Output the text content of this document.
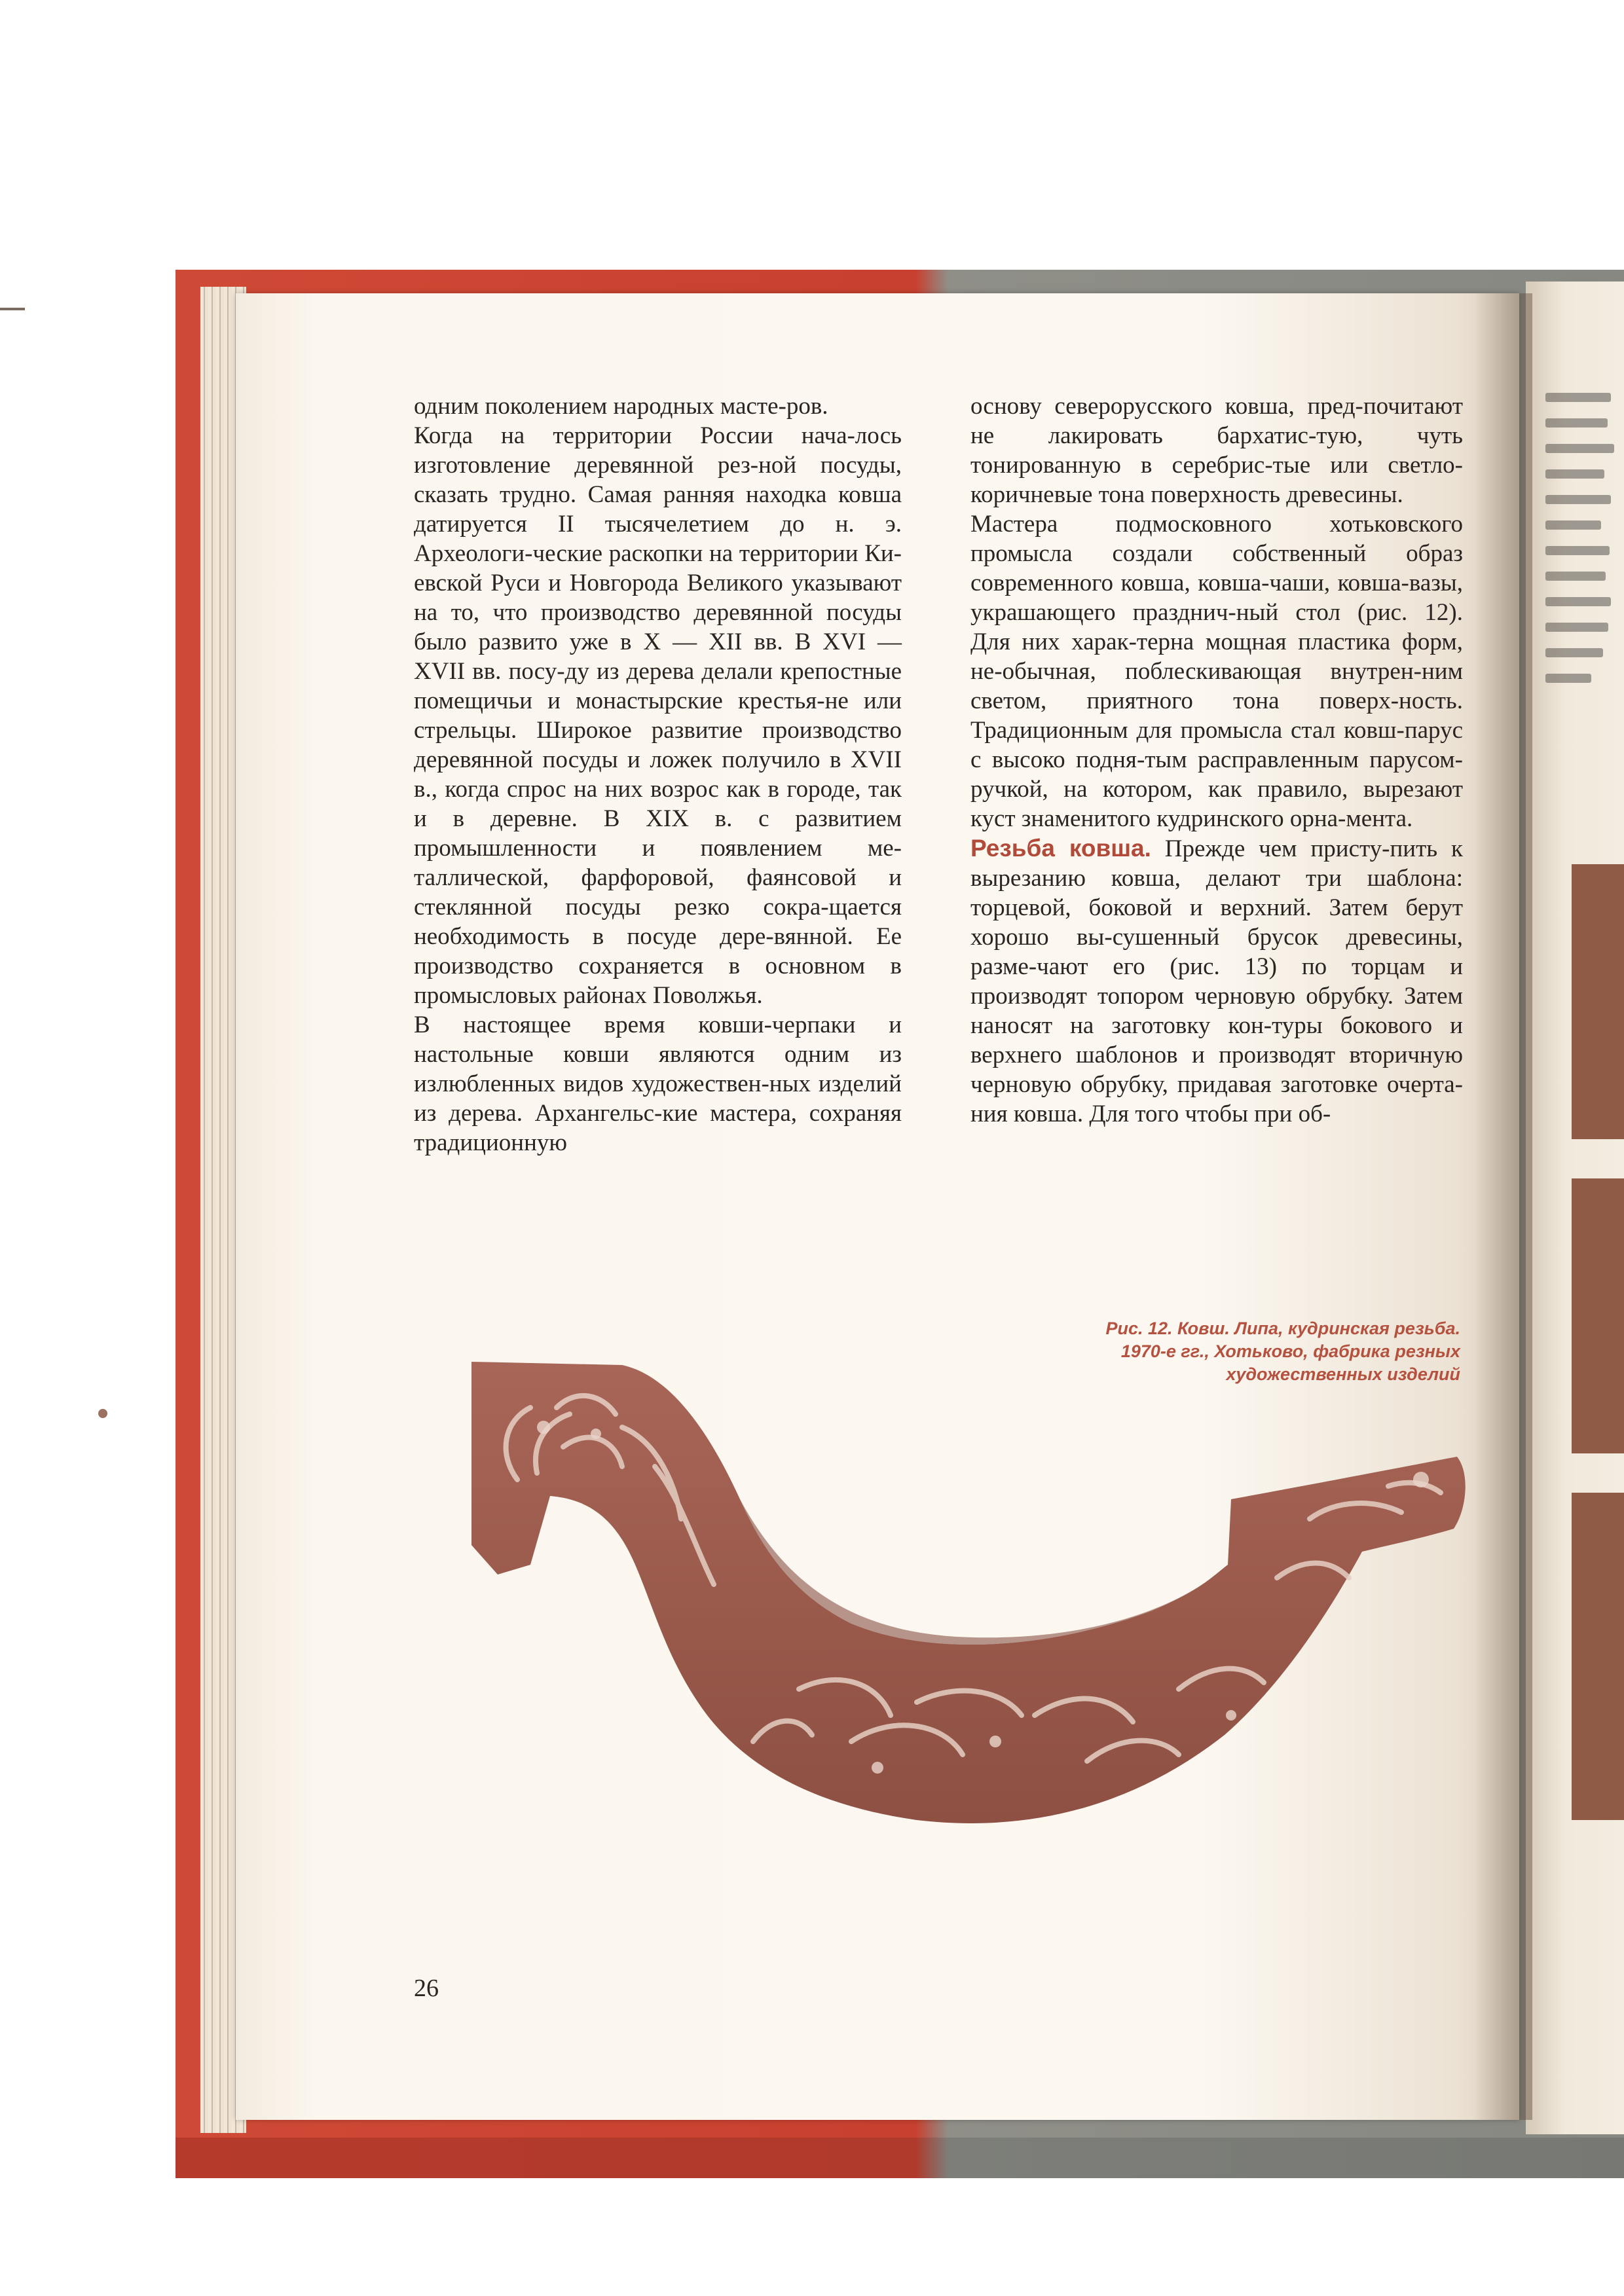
одним поколением народных масте-ров.

Когда на территории России нача-лось изготовление деревянной рез-ной посуды, сказать трудно. Самая ранняя находка ковша датируется II тысячелетием до н. э. Археологи-ческие раскопки на территории Ки-евской Руси и Новгорода Великого указывают на то, что производство деревянной посуды было развито уже в X — XII вв. В XVI — XVII вв. посу-ду из дерева делали крепостные помещичьи и монастырские крестья-не или стрельцы. Широкое развитие производство деревянной посуды и ложек получило в XVII в., когда спрос на них возрос как в городе, так и в деревне. В XIX в. с развитием промышленности и появлением ме-таллической, фарфоровой, фаянсовой и стеклянной посуды резко сокра-щается необходимость в посуде дере-вянной. Ее производство сохраняется в основном в промысловых районах Поволжья.

В настоящее время ковши-черпаки и настольные ковши являются одним из излюбленных видов художествен-ных изделий из дерева. Архангельс-кие мастера, сохраняя традиционную

основу северорусского ковша, пред-почитают не лакировать бархатис-тую, чуть тонированную в серебрис-тые или светло-коричневые тона поверхность древесины.

Мастера подмосковного хотьковского промысла создали собственный образ современного ковша, ковша-чаши, ковша-вазы, украшающего празднич-ный стол (рис. 12). Для них харак-терна мощная пластика форм, не-обычная, поблескивающая внутрен-ним светом, приятного тона поверх-ность. Традиционным для промысла стал ковш-парус с высоко подня-тым расправленным парусом-ручкой, на котором, как правило, вырезают куст знаменитого кудринского орна-мента.

Резьба ковша. Прежде чем присту-пить к вырезанию ковша, делают три шаблона: торцевой, боковой и верхний. Затем берут хорошо вы-сушенный брусок древесины, разме-чают его (рис. 13) по торцам и производят топором черновую обрубку. Затем наносят на заготовку кон-туры бокового и верхнего шаблонов и производят вторичную черновую обрубку, придавая заготовке очерта-ния ковша. Для того чтобы при об-

Рис. 12. Ковш. Липа, кудринская резьба.
1970-е гг., Хотьково, фабрика резных
художественных изделий
26
